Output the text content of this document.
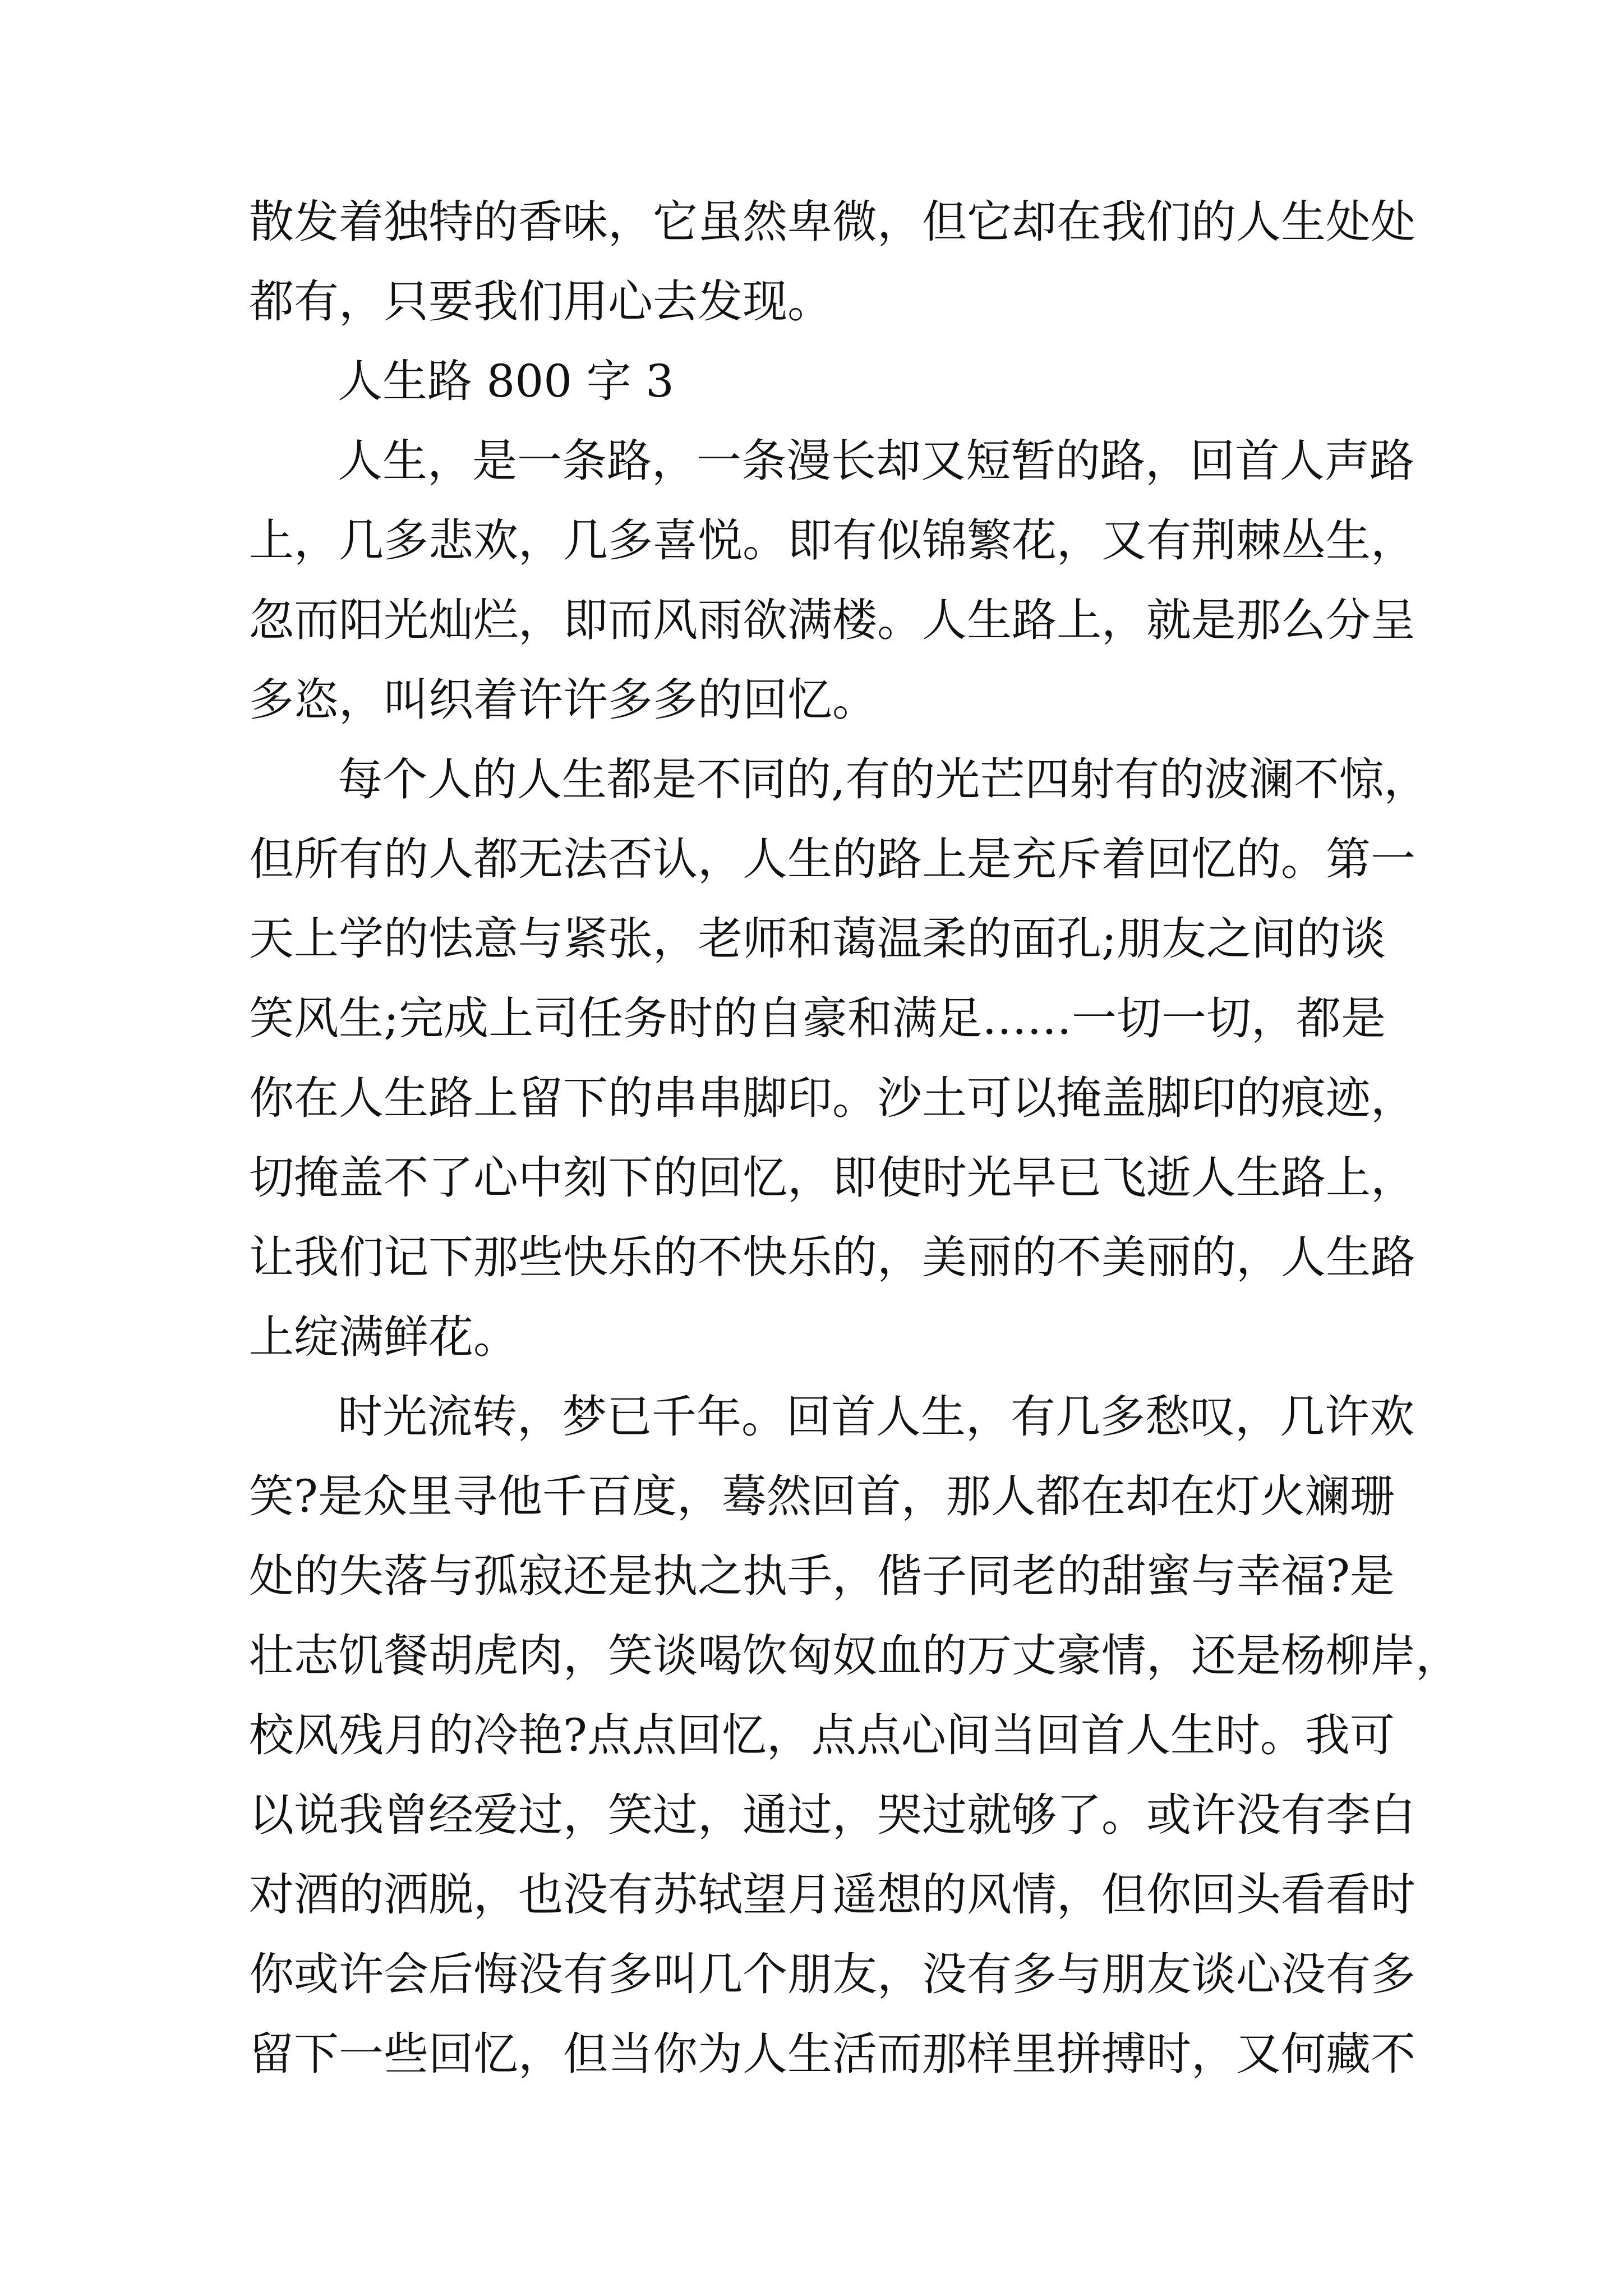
散发着独特的香味，它虽然卑微，但它却在我们的人生处处
都有，只要我们用心去发现。
人生路 800 字 3
人生，是一条路，一条漫长却又短暂的路，回首人声路
上，几多悲欢，几多喜悦。即有似锦繁花，又有荆棘丛生，
忽而阳光灿烂，即而风雨欲满楼。人生路上，就是那么分呈
多恣，叫织着许许多多的回忆。
每个人的人生都是不同的,有的光芒四射有的波澜不惊，
但所有的人都无法否认，人生的路上是充斥着回忆的。第一
天上学的怯意与紧张，老师和蔼温柔的面孔;朋友之间的谈
笑风生;完成上司任务时的自豪和满足……一切一切，都是
你在人生路上留下的串串脚印。沙土可以掩盖脚印的痕迹，
切掩盖不了心中刻下的回忆，即使时光早已飞逝人生路上，
让我们记下那些快乐的不快乐的，美丽的不美丽的，人生路
上绽满鲜花。
时光流转，梦已千年。回首人生，有几多愁叹，几许欢
笑?是众里寻他千百度，蓦然回首，那人都在却在灯火斓珊
处的失落与孤寂还是执之执手，偕子同老的甜蜜与幸福?是
壮志饥餐胡虎肉，笑谈喝饮匈奴血的万丈豪情，还是杨柳岸，
校风残月的冷艳?点点回忆，点点心间当回首人生时。我可
以说我曾经爱过，笑过，通过，哭过就够了。或许没有李白
对酒的洒脱，也没有苏轼望月遥想的风情，但你回头看看时
你或许会后悔没有多叫几个朋友，没有多与朋友谈心没有多
留下一些回忆，但当你为人生活而那样里拼搏时，又何藏不
